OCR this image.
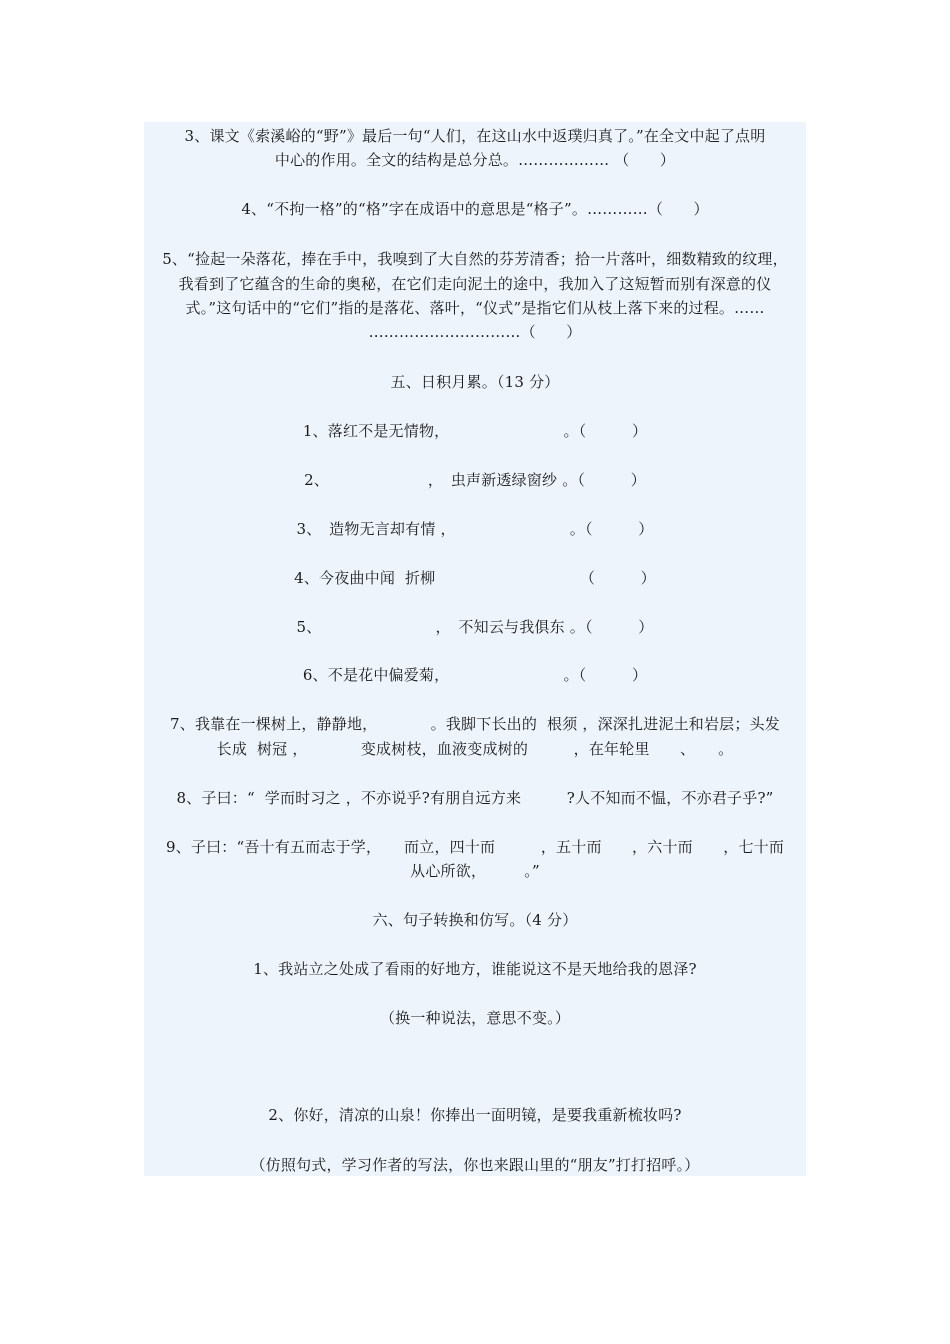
3、课文《索溪峪的“野”》最后一句“人们，在这山水中返璞归真了。”在全文中起了点明
中心的作用。全文的结构是总分总。……………… （　　）
4、“不拘一格”的“格”字在成语中的意思是“格子”。…………（　　）
5、“捡起一朵落花，捧在手中，我嗅到了大自然的芬芳清香；拾一片落叶，细数精致的纹理，
我看到了它蕴含的生命的奥秘，在它们走向泥土的途中，我加入了这短暂而别有深意的仪
式。”这句话中的“它们”指的是落花、落叶，“仪式”是指它们从枝上落下来的过程。……
…………………………（　　）
五、日积月累。（13 分）
1、落红不是无情物，　　　　　　　　。（　　　）
2、　　　　　　　，　虫声新透绿窗纱 。（　　　）
3、　造物无言却有情 ，　　　　　　　　。（　　　）
4、今夜曲中闻  折柳　　　　　　　　　　（　　　）
5、　　　　　　　　，　不知云与我俱东 。（　　　）
6、不是花中偏爱菊，　　　　　　　　。（　　　）
7、我靠在一棵树上，静静地，　　　　。我脚下长出的  根须 ，深深扎进泥土和岩层；头发
长成  树冠 ，　　　　变成树枝，血液变成树的　　　，在年轮里　　、　　。
8、子曰：“  学而时习之 ，不亦说乎?有朋自远方来　　　?人不知而不愠，不亦君子乎?”
9、子曰：“吾十有五而志于学，　　而立，四十而　　　，五十而　　，六十而　　，七十而
从心所欲，　　　。”
六、句子转换和仿写。（4 分）
1、我站立之处成了看雨的好地方，谁能说这不是天地给我的恩泽?
（换一种说法，意思不变。）
2、你好，清凉的山泉！你捧出一面明镜，是要我重新梳妆吗?
（仿照句式，学习作者的写法，你也来跟山里的“朋友”打打招呼。）
